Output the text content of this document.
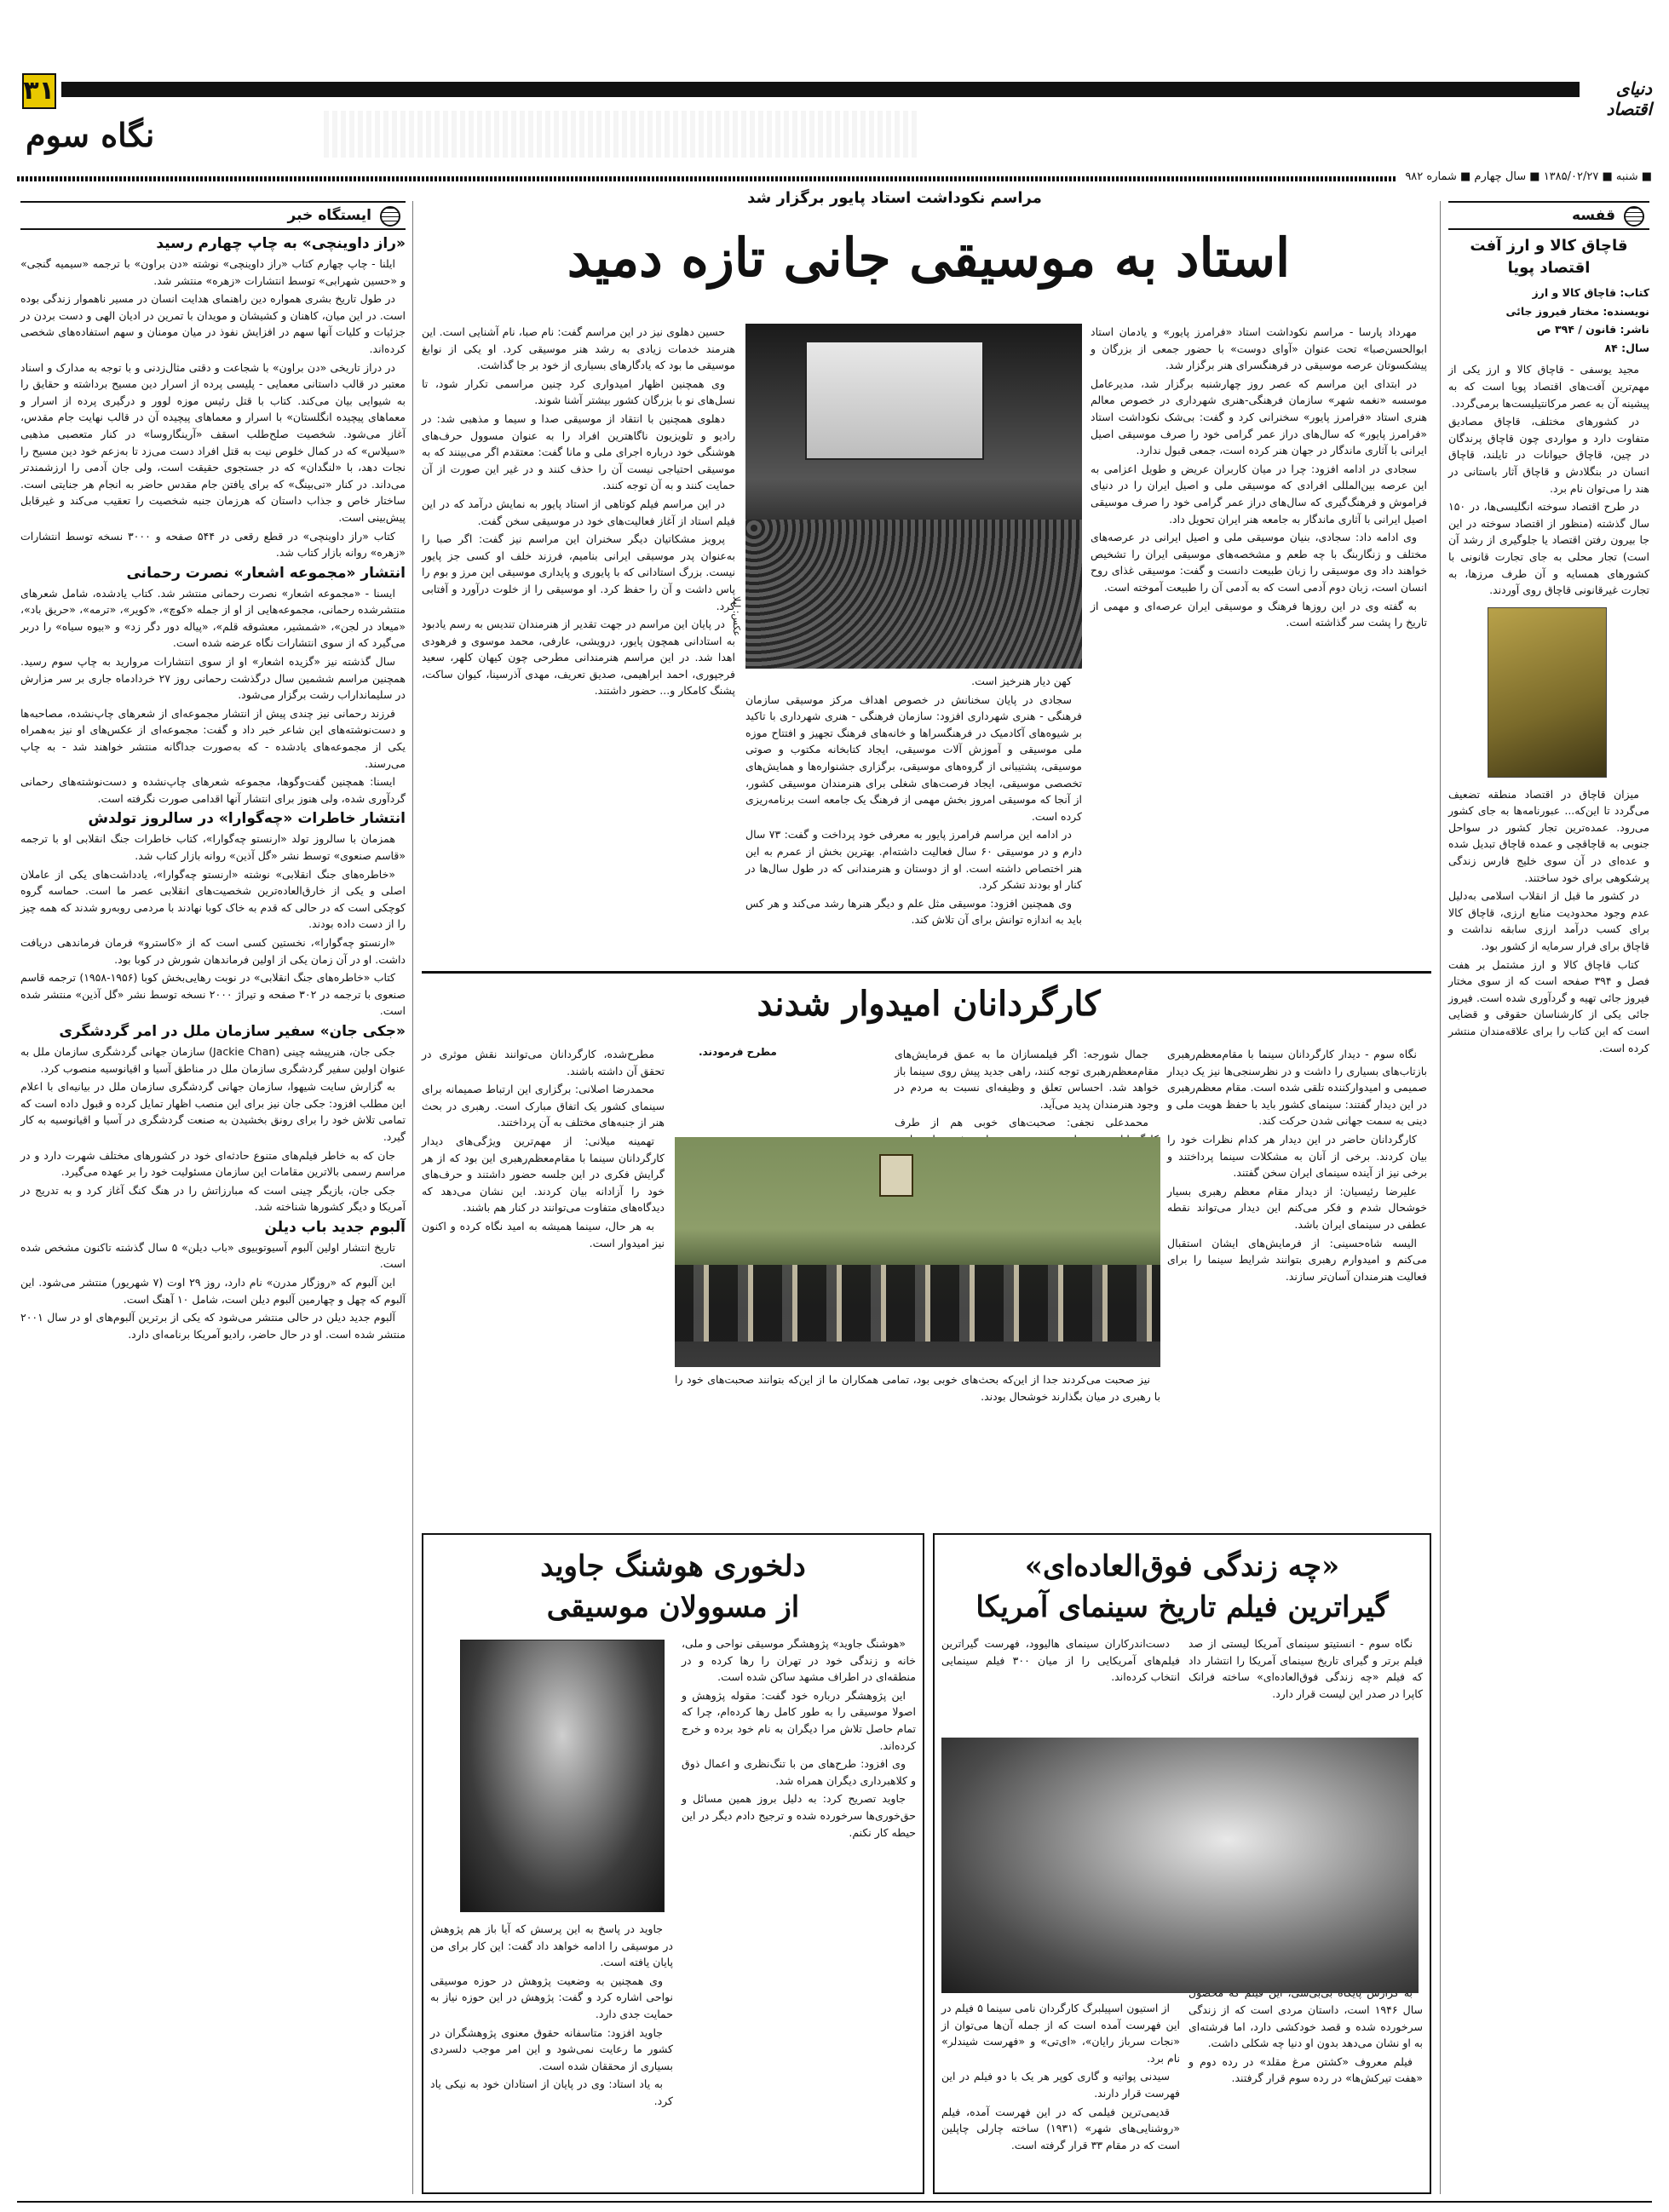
۳۱	دنیای اقتصاد
نگاه سوم
■ شنبه ■ ۱۳۸۵/۰۲/۲۷ ■ سال چهارم ■ شماره ۹۸۲
ایستگاه خبر

«راز داوینچی» به چاپ چهارم رسید

ایلنا - چاپ چهارم کتاب «راز داوینچی» نوشته «دن براون» با ترجمه «سیمیه گنجی» و «حسین شهرابی» توسط انتشارات «زهره» منتشر شد.

در طول تاریخ بشری همواره دین راهنمای هدایت انسان در مسیر ناهموار زندگی بوده است. در این میان، کاهنان و کشیشان و مویدان با تمرین در ادیان الهی و دست بردن در جزئیات و کلیات آنها سهم در افزایش نفوذ در میان مومنان و سهم استفاده‌های شخصی کرده‌اند.

در دراز تاریخی «دن براون» با شجاعت و دقتی مثال‌زدنی و با توجه به مدارک و اسناد معتبر در قالب داستانی معمایی - پلیسی پرده از اسرار دین مسیح برداشته و حقایق را به شیوایی بیان می‌کند. کتاب با قتل رئیس موزه لوور و درگیری پرده از اسرار و معماهای پیچیده انگلستان» با اسرار و معماهای پیچیده آن در قالب نهایت جام مقدس، آغاز می‌شود. شخصیت صلح‌طلب اسقف «آرینگاروسا» در کنار متعصبی مذهبی «سیلاس» که در کمال خلوص نیت به قتل افراد دست می‌زد تا به‌زعم خود دین مسیح را نجات دهد، با «لنگدان» که در جستجوی حقیقت است، ولی جان آدمی را ارزشمندتر می‌داند. در کنار «تی‌بینگ» که برای یافتن جام مقدس حاضر به انجام هر جنایتی است. ساختار خاص و جذاب داستان که هرزمان جنبه شخصیت را تعقیب می‌کند و غیرقابل پیش‌بینی است.

کتاب «راز داوینچی» در قطع رقعی در ۵۴۴ صفحه و ۳۰۰۰ نسخه توسط انتشارات «زهره» روانه بازار کتاب شد.

انتشار «مجموعه اشعار» نصرت رحمانی

ایسنا - «مجموعه اشعار» نصرت رحمانی منتشر شد. کتاب یادشده، شامل شعرهای منتشرشده رحمانی، مجموعه‌هایی از او از جمله «کوچ»، «کویر»، «ترمه»، «حریق باد»، «میعاد در لجن»، «شمشیر، معشوقه قلم»، «پیاله دور دگر زد» و «بیوه سیاه» را دربر می‌گیرد که از سوی انتشارات نگاه عرضه شده است.

سال گذشته نیز «گزیده اشعار» او از سوی انتشارات مروارید به چاپ سوم رسید. همچنین مراسم ششمین سال درگذشت رحمانی روز ۲۷ خردادماه جاری بر سر مزارش در سلیمانداراب رشت برگزار می‌شود.

فرزند رحمانی نیز چندی پیش از انتشار مجموعه‌ای از شعرهای چاپ‌نشده، مصاحبه‌ها و دست‌نوشته‌های این شاعر خبر داد و گفت: مجموعه‌ای از عکس‌های او نیز به‌همراه یکی از مجموعه‌های یادشده - که به‌صورت جداگانه منتشر خواهند شد - به چاپ می‌رسند.

ایسنا: همچنین گفت‌وگوها، مجموعه شعرهای چاپ‌نشده و دست‌نوشته‌های رحمانی گردآوری شده، ولی هنوز برای انتشار آنها اقدامی صورت نگرفته است.

انتشار خاطرات «چه‌گوارا» در سالروز تولدش

همزمان با سالروز تولد «ارنستو چه‌گوارا»، کتاب خاطرات جنگ انقلابی او با ترجمه «قاسم صنعوی» توسط نشر «گل آذین» روانه بازار کتاب شد.

«خاطره‌های جنگ انقلابی» نوشته «ارنستو چه‌گوارا»، یادداشت‌های یکی از عاملان اصلی و یکی از خارق‌العاده‌ترین شخصیت‌های انقلابی عصر ما است. حماسه گروه کوچکی است که در حالی که قدم به خاک کوبا نهادند با مردمی روبه‌رو شدند که همه چیز را از دست داده بودند.

«ارنستو چه‌گوارا»، نخستین کسی است که از «کاسترو» فرمان فرماندهی دریافت داشت. او در آن زمان یکی از اولین فرماندهان شورش در کوبا بود.

کتاب «خاطره‌های جنگ انقلابی» در نوبت رهایی‌بخش کوبا (۱۹۵۶-۱۹۵۸) ترجمه قاسم صنعوی با ترجمه در ۳۰۲ صفحه و تیراژ ۲۰۰۰ نسخه توسط نشر «گل آذین» منتشر شده است.

«جکی جان» سفیر سازمان ملل در امر گردشگری

جکی جان، هنرپیشه چینی (Jackie Chan) سازمان جهانی گردشگری سازمان ملل به عنوان اولین سفیر گردشگری سازمان ملل در مناطق آسیا و اقیانوسیه منصوب کرد.

به گزارش سایت شیهوا، سازمان جهانی گردشگری سازمان ملل در بیانیه‌ای با اعلام این مطلب افزود: جکی جان نیز برای این منصب اظهار تمایل کرده و قبول داده است که تمامی تلاش خود را برای رونق بخشیدن به صنعت گردشگری در آسیا و اقیانوسیه به کار گیرد.

جان که به خاطر فیلم‌های متنوع حادثه‌ای خود در کشورهای مختلف شهرت دارد و در مراسم رسمی بالاترین مقامات این سازمان مسئولیت خود را بر عهده می‌گیرد.

جکی جان، بازیگر چینی است که مبارزاتش را در هنگ کنگ آغاز کرد و به تدریج در آمریکا و دیگر کشورها شناخته شد.

آلبوم جدید باب دیلن

تاریخ انتشار اولین آلبوم آسیوتوبیوی «باب دیلن» ۵ سال گذشته تاکنون مشخص شده است.

این آلبوم که «روزگار مدرن» نام دارد، روز ۲۹ اوت (۷ شهریور) منتشر می‌شود. این آلبوم که چهل و چهارمین آلبوم دیلن است، شامل ۱۰ آهنگ است.

آلبوم جدید دیلن در حالی منتشر می‌شود که یکی از برترین آلبوم‌های او در سال ۲۰۰۱ منتشر شده است. او در حال حاضر، رادیو آمریکا برنامه‌ای دارد.

قفسه

قاچاق کالا و ارز آفت اقتصاد پویا

کتاب: قاچاق کالا و ارز

نویسنده: مختار فیروز جائی

ناشر: قانون / ۳۹۴ ص

سال: ۸۴

مجید یوسفی - قاچاق کالا و ارز یکی از مهم‌ترین آفت‌های اقتصاد پویا است که به پیشینه آن به عصر مرکانتیلیست‌ها برمی‌گردد.

در کشورهای مختلف، قاچاق مصادیق متفاوت دارد و مواردی چون قاچاق پرندگان در چین، قاچاق حیوانات در تایلند، قاچاق انسان در بنگلادش و قاچاق آثار باستانی در هند را می‌توان نام برد.

در طرح اقتصاد سوخته انگلیسی‌ها، در ۱۵۰ سال گذشته (منظور از اقتصاد سوخته در این جا بیرون رفتن اقتصاد یا جلوگیری از رشد آن است) تجار محلی به جای تجارت قانونی با کشورهای همسایه و آن طرف مرزها، به تجارت غیرقانونی قاچاق روی آوردند.

میزان قاچاق در اقتصاد منطقه تضعیف می‌گردد تا این‌که... عبورنامه‌ها به جای کشور می‌رود. عمده‌ترین تجار کشور در سواحل جنوبی به قاچاقچی و عمده قاچاق تبدیل شده و عده‌ای در آن سوی خلیج فارس زندگی پرشکوهی برای خود ساختند.

در کشور ما قبل از انقلاب اسلامی به‌دلیل عدم وجود محدودیت منابع ارزی، قاچاق کالا برای کسب درآمد ارزی سابقه نداشت و قاچاق برای فرار سرمایه از کشور بود.

کتاب قاچاق کالا و ارز مشتمل بر هفت فصل و ۳۹۴ صفحه است که از سوی مختار فیروز جائی تهیه و گردآوری شده است. فیروز جائی یکی از کارشناسان حقوقی و قضایی است که این کتاب را برای علاقه‌مندان منتشر کرده است.

مراسم نکوداشت استاد پایور برگزار شد
استاد به موسیقی جانی تازه دمید
عکس: لیلا

مهرداد پارسا - مراسم نکوداشت استاد «فرامرز پایور» و یادمان استاد ابوالحسن‌صبا» تحت عنوان «آوای دوست» با حضور جمعی از بزرگان و پیشکسوتان عرصه موسیقی در فرهنگسرای هنر برگزار شد.

در ابتدای این مراسم که عصر روز چهارشنبه برگزار شد، مدیرعامل موسسه «نغمه شهر» سازمان فرهنگی-هنری شهرداری در خصوص معالم هنری استاد «فرامرز پایور» سخنرانی کرد و گفت: بی‌شک نکوداشت استاد «فرامرز پایور» که سال‌های دراز عمر گرامی خود را صرف موسیقی اصیل ایرانی با آثاری ماندگار در جهان هنر کرده است، جمعی قبول ندارد.

سجادی در ادامه افزود: چرا در میان کاربران عریض و طویل اعزامی به این عرصه بین‌المللی افرادی که موسیقی ملی و اصیل ایران را در دنیای فراموش و فرهنگ‌گیری که سال‌های دراز عمر گرامی خود را صرف موسیقی اصیل ایرانی با آثاری ماندگار به جامعه هنر ایران تحویل داد.

وی ادامه داد: سجادی، بنیان موسیقی ملی و اصیل ایرانی در عرصه‌های مختلف و زنگاربنگ با چه طعم و مشخصه‌های موسیقی ایران را تشخیص خواهند داد وی موسیقی را زبان طبیعت دانست و گفت: موسیقی غذای روح انسان است، زبان دوم آدمی است که به آدمی آن را طبیعت آموخته است.

به گفته وی در این روزها فرهنگ و موسیقی ایران عرصه‌ای و مهمی از تاریخ را پشت سر گذاشته است.

کهن دیار هنرخیز است.

سجادی در پایان سخنانش در خصوص اهداف مرکز موسیقی سازمان فرهنگی - هنری شهرداری افزود: سازمان فرهنگی - هنری شهرداری با تاکید بر شیوه‌های آکادمیک در فرهنگسراها و خانه‌های فرهنگ تجهیز و افتتاح موزه ملی موسیقی و آموزش آلات موسیقی، ایجاد کتابخانه مکتوب و صوتی موسیقی، پشتیبانی از گروه‌های موسیقی، برگزاری جشنواره‌ها و همایش‌های تخصصی موسیقی، ایجاد فرصت‌های شغلی برای هنرمندان موسیقی کشور، از آنجا که موسیقی امروز بخش مهمی از فرهنگ یک جامعه است برنامه‌ریزی کرده است.

در ادامه این مراسم فرامرز پایور به معرفی خود پرداخت و گفت: ۷۳ سال دارم و در موسیقی ۶۰ سال فعالیت داشته‌ام. بهترین بخش از عمرم به این هنر اختصاص داشته است. او از دوستان و هنرمندانی که در طول سال‌ها در کنار او بودند تشکر کرد.

وی همچنین افزود: موسیقی مثل علم و دیگر هنرها رشد می‌کند و هر کس باید به اندازه توانش برای آن تلاش کند.

حسین دهلوی نیز در این مراسم گفت: نام صبا، نام آشنایی است. این هنرمند خدمات زیادی به رشد هنر موسیقی کرد. او یکی از نوابغ موسیقی ما بود که یادگارهای بسیاری از خود بر جا گذاشت.

وی همچنین اظهار امیدواری کرد چنین مراسمی تکرار شود، تا نسل‌های نو با بزرگان کشور بیشتر آشنا شوند.

دهلوی همچنین با انتقاد از موسیقی صدا و سیما و مذهبی شد: در رادیو و تلویزیون ناگاهترین افراد را به عنوان مسوول حرف‌های هوشنگی خود درباره اجرای ملی و مانا گفت: معتقدم اگر می‌بینند که به موسیقی احتیاجی نیست آن را حذف کنند و در غیر این صورت از آن حمایت کنند و به آن توجه کنند.

در این مراسم فیلم کوتاهی از استاد پایور به نمایش درآمد که در این فیلم استاد از آغاز فعالیت‌های خود در موسیقی سخن گفت.

پرویز مشکاتیان دیگر سخنران این مراسم نیز گفت: اگر صبا را به‌عنوان پدر موسیقی ایرانی بنامیم، فرزند خلف او کسی جز پایور نیست. بزرگ استادانی که با پایوری و پایداری موسیقی این مرز و بوم را پاس داشت و آن را حفظ کرد. او موسیقی را از خلوت درآورد و آفتابی کرد.

در پایان این مراسم در جهت تقدیر از هنرمندان تندیس به رسم یادبود به استادانی همچون پایور، درویشی، عارفی، محمد موسوی و فرهودی اهدا شد. در این مراسم هنرمندانی مطرحی چون کیهان کلهر، سعید فرجپوری، احمد ابراهیمی، صدیق تعریف، مهدی آذرسینا، کیوان ساکت، پشنگ کامکار و... حضور داشتند.

کارگردانان امیدوار شدند

نگاه سوم - دیدار کارگردانان سینما با مقام‌معظم‌رهبری بازتاب‌های بسیاری را داشت و در نظرسنجی‌ها نیز یک دیدار صمیمی و امیدوارکننده تلقی شده است. مقام معظم‌رهبری در این دیدار گفتند: سینمای کشور باید با حفظ هویت ملی و دینی به سمت جهانی شدن حرکت کند.

کارگردانان حاضر در این دیدار هر کدام نظرات خود را بیان کردند. برخی از آنان به مشکلات سینما پرداختند و برخی نیز از آینده سینمای ایران سخن گفتند.

علیرضا رئیسیان: از دیدار مقام معظم رهبری بسیار خوشحال شدم و فکر می‌کنم این دیدار می‌تواند نقطه عطفی در سینمای ایران باشد.

الیسه شاه‌حسینی: از فرمایش‌های ایشان استقبال می‌کنم و امیدوارم رهبری بتوانند شرایط سینما را برای فعالیت هنرمندان آسان‌تر سازند.

جمال شورجه: اگر فیلمسازان ما به عمق فرمایش‌های مقام‌معظم‌رهبری توجه کنند، راهی جدید پیش روی سینما باز خواهد شد. احساس تعلق و وظیفه‌ای نسبت به مردم در وجود هنرمندان پدید می‌آید.

محمدعلی نجفی: صحبت‌های خوبی هم از طرف

مطرح فرمودند.

مطرح‌شده، کارگردانان می‌توانند نقش موثری در تحقق آن داشته باشند.

محمدرضا اصلانی: برگزاری این ارتباط صمیمانه برای سینمای کشور یک اتفاق مبارک است. رهبری در بحث هنر از جنبه‌های مختلف به آن پرداختند.

تهمینه میلانی: از مهم‌ترین ویژگی‌های دیدار کارگردانان سینما با مقام‌معظم‌رهبری این بود که از هر گرایش فکری در این جلسه حضور داشتند و حرف‌های خود را آزادانه بیان کردند. این نشان می‌دهد که دیدگاه‌های متفاوت می‌توانند در کنار هم باشند.

به هر حال، سینما همیشه به امید نگاه کرده و اکنون نیز امیدوار است.

نیز صحبت می‌کردند جدا از این‌که بحث‌های خوبی بود، تمامی همکاران ما از این‌که بتوانند صحبت‌های خود را با رهبری در میان بگذارند خوشحال بودند.

«چه زندگی فوق‌العاده‌ای»
گیراترین فیلم تاریخ سینمای آمریکا

نگاه سوم - انستیتو سینمای آمریکا لیستی از صد فیلم برتر و گیرای تاریخ سینمای آمریکا را انتشار داد که فیلم «چه زندگی فوق‌العاده‌ای» ساخته فرانک کاپرا در صدر این لیست قرار دارد.

سال ۱۹۴۶ است، داستان مردی است که از زندگی سرخورده شده و قصد خودکشی دارد، اما فرشته‌ای به او نشان می‌دهد بدون او دنیا چه شکلی داشت.

فیلم معروف «کشتن مرغ مقلد» در رده دوم و «هفت تیرکش‌ها» در رده سوم قرار گرفتند.

دست‌اندرکاران سینمای هالیوود، فهرست گیراترین فیلم‌های آمریکایی را از میان ۳۰۰ فیلم سینمایی انتخاب کرده‌اند.

از استیون اسپیلبرگ کارگردان نامی سینما ۵ فیلم در این فهرست آمده است که از جمله آن‌ها می‌توان از «نجات سرباز رایان»، «ای‌تی» و «فهرست شیندلر» نام برد.

سیدنی پواتیه و گاری کوپر هر یک با دو فیلم در این فهرست قرار دارند.

قدیمی‌ترین فیلمی که در این فهرست آمده، فیلم «روشنایی‌های شهر» (۱۹۳۱) ساخته چارلی چاپلین است که در مقام ۳۳ قرار گرفته است.

دلخوری هوشنگ جاوید
از مسوولان موسیقی

«هوشنگ جاوید» پژوهشگر موسیقی نواحی و ملی، خانه و زندگی خود در تهران را رها کرده و در منطقه‌ای در اطراف مشهد ساکن شده است.

این پژوهشگر درباره خود گفت: مقوله پژوهش و اصولا موسیقی را به طور کامل رها کرده‌ام، چرا که تمام حاصل تلاش مرا دیگران به نام خود برده و خرج کرده‌اند.

وی افزود: طرح‌های من با تنگ‌نظری و اعمال ذوق و کلاهبرداری دیگران همراه شد.

جاوید تصریح کرد: به دلیل بروز همین مسائل و حق‌خوری‌ها سرخورده شده و ترجیح دادم دیگر در این حیطه کار نکنم.

جاوید در پاسخ به این پرسش که آیا باز هم پژوهش در موسیقی را ادامه خواهد داد گفت: این کار برای من پایان یافته است.

وی همچنین به وضعیت پژوهش در حوزه موسیقی نواحی اشاره کرد و گفت: پژوهش در این حوزه نیاز به حمایت جدی دارد.

جاوید افزود: متاسفانه حقوق معنوی پژوهشگران در کشور ما رعایت نمی‌شود و این امر موجب دلسردی بسیاری از محققان شده است.

به یاد استاد: وی در پایان از استادان خود به نیکی یاد کرد.
